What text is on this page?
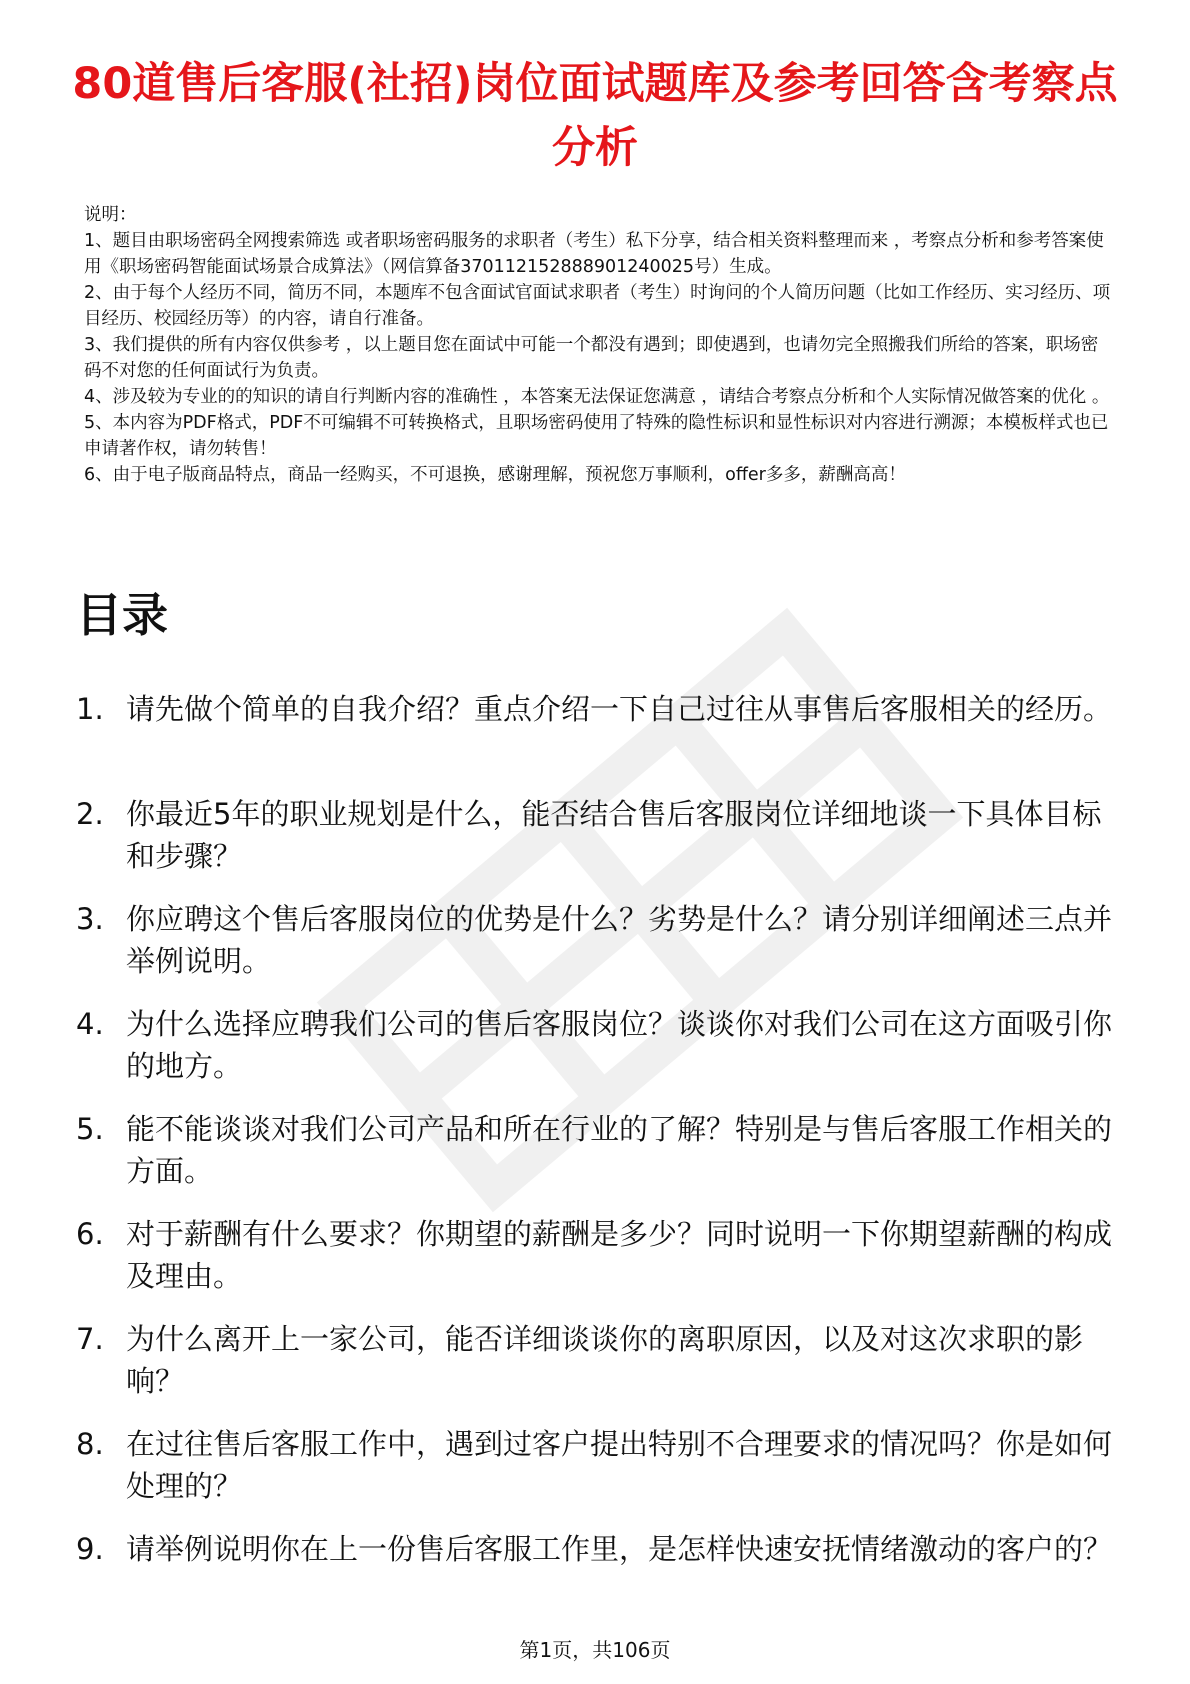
80道售后客服(社招)岗位面试题库及参考回答含考察点分析

说明：

1、题目由职场密码全网搜索筛选 或者职场密码服务的求职者（考生）私下分享，结合相关资料整理而来 ，考察点分析和参考答案使用《职场密码智能面试场景合成算法》（网信算备370112152888901240025号）生成。

2、由于每个人经历不同，简历不同，本题库不包含面试官面试求职者（考生）时询问的个人简历问题（比如工作经历、实习经历、项目经历、校园经历等）的内容，请自行准备。

3、我们提供的所有内容仅供参考 ，以上题目您在面试中可能一个都没有遇到；即使遇到，也请勿完全照搬我们所给的答案，职场密码不对您的任何面试行为负责。

4、涉及较为专业的的知识的请自行判断内容的准确性 ，本答案无法保证您满意 ，请结合考察点分析和个人实际情况做答案的优化 。

5、本内容为PDF格式，PDF不可编辑不可转换格式，且职场密码使用了特殊的隐性标识和显性标识对内容进行溯源；本模板样式也已申请著作权，请勿转售！

6、由于电子版商品特点，商品一经购买，不可退换，感谢理解，预祝您万事顺利，offer多多，薪酬高高！

目录
1. 请先做个简单的自我介绍？重点介绍一下自己过往从事售后客服相关的经历。
2. 你最近5年的职业规划是什么，能否结合售后客服岗位详细地谈一下具体目标和步骤？
3. 你应聘这个售后客服岗位的优势是什么？劣势是什么？请分别详细阐述三点并举例说明。
4. 为什么选择应聘我们公司的售后客服岗位？谈谈你对我们公司在这方面吸引你的地方。
5. 能不能谈谈对我们公司产品和所在行业的了解？特别是与售后客服工作相关的方面。
6. 对于薪酬有什么要求？你期望的薪酬是多少？同时说明一下你期望薪酬的构成及理由。
7. 为什么离开上一家公司，能否详细谈谈你的离职原因，以及对这次求职的影响？
8. 在过往售后客服工作中，遇到过客户提出特别不合理要求的情况吗？你是如何处理的？
9. 请举例说明你在上一份售后客服工作里，是怎样快速安抚情绪激动的客户的？
第1页，共106页
